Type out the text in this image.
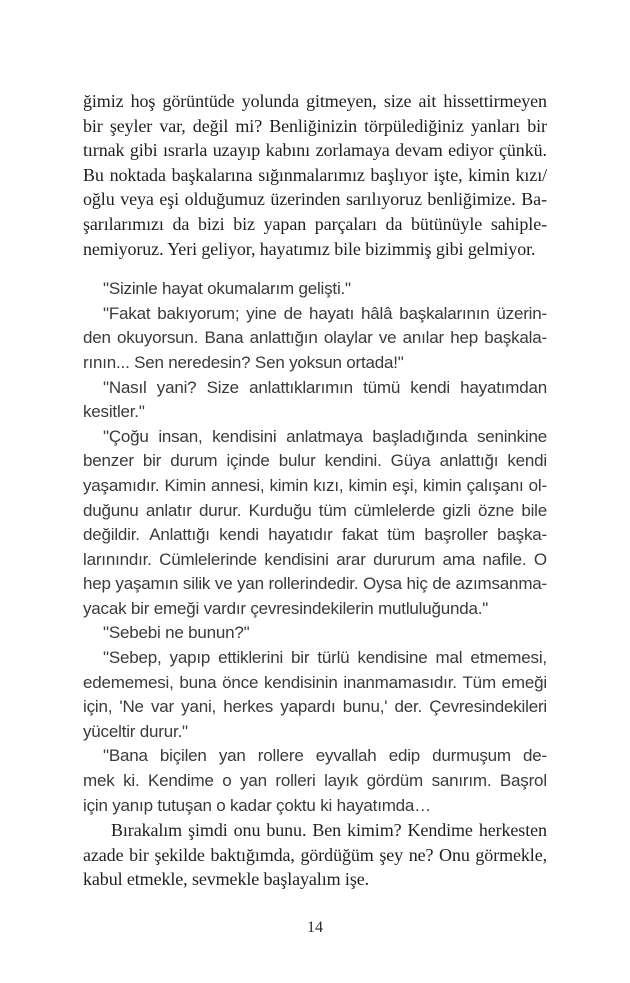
ğimiz hoş görüntüde yolunda gitmeyen, size ait hissettirmeyen
bir şeyler var, değil mi? Benliğinizin törpülediğiniz yanları bir
tırnak gibi ısrarla uzayıp kabını zorlamaya devam ediyor çünkü.
Bu noktada başkalarına sığınmalarımız başlıyor işte, kimin kızı/
oğlu veya eşi olduğumuz üzerinden sarılıyoruz benliğimize. Ba-
şarılarımızı da bizi biz yapan parçaları da bütünüyle sahiple-
nemiyoruz. Yeri geliyor, hayatımız bile bizimmiş gibi gelmiyor.
"Sizinle hayat okumalarım gelişti."
"Fakat bakıyorum; yine de hayatı hâlâ başkalarının üzerin-
den okuyorsun. Bana anlattığın olaylar ve anılar hep başkala-
rının... Sen neredesin? Sen yoksun ortada!"
"Nasıl yani? Size anlattıklarımın tümü kendi hayatımdan
kesitler."
"Çoğu insan, kendisini anlatmaya başladığında seninkine
benzer bir durum içinde bulur kendini. Güya anlattığı kendi
yaşamıdır. Kimin annesi, kimin kızı, kimin eşi, kimin çalışanı ol-
duğunu anlatır durur. Kurduğu tüm cümlelerde gizli özne bile
değildir. Anlattığı kendi hayatıdır fakat tüm başroller başka-
larınındır. Cümlelerinde kendisini arar dururum ama nafile. O
hep yaşamın silik ve yan rollerindedir. Oysa hiç de azımsanma-
yacak bir emeği vardır çevresindekilerin mutluluğunda."
"Sebebi ne bunun?"
"Sebep, yapıp ettiklerini bir türlü kendisine mal etmemesi,
edememesi, buna önce kendisinin inanmamasıdır. Tüm emeği
için, 'Ne var yani, herkes yapardı bunu,' der. Çevresindekileri
yüceltir durur."
"Bana biçilen yan rollere eyvallah edip durmuşum de-
mek ki. Kendime o yan rolleri layık gördüm sanırım. Başrol
için yanıp tutuşan o kadar çoktu ki hayatımda…
Bırakalım şimdi onu bunu. Ben kimim? Kendime herkesten
azade bir şekilde baktığımda, gördüğüm şey ne? Onu görmekle,
kabul etmekle, sevmekle başlayalım işe.
14
